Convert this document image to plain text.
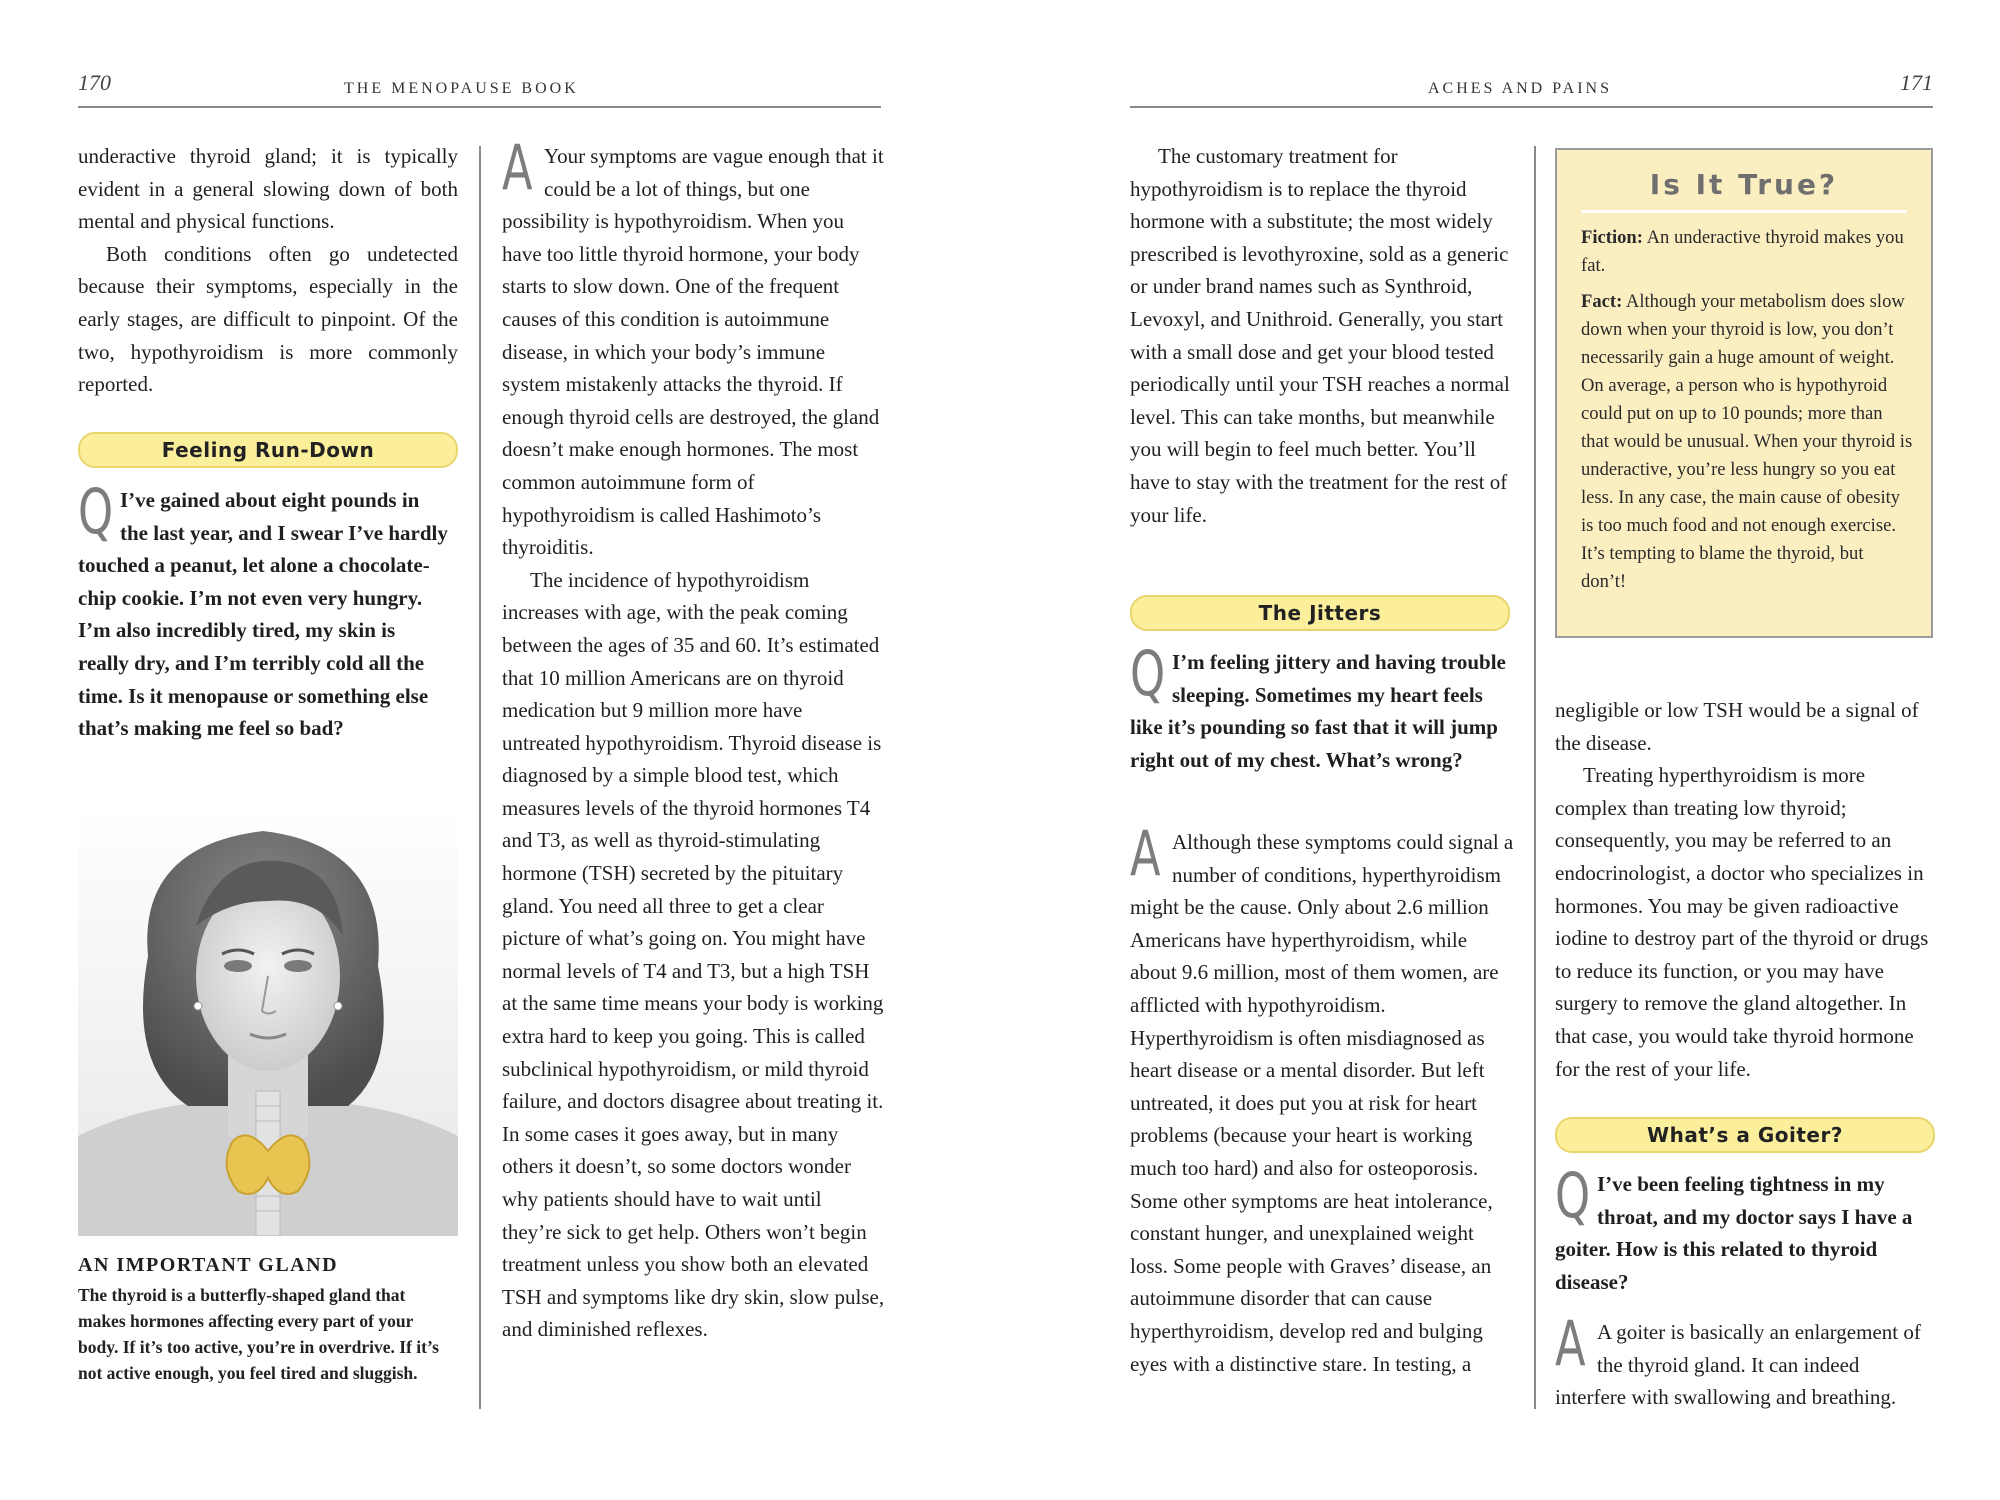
170	THE MENOPAUSE BOOK

underactive thyroid gland; it is typically evident in a general slowing down of both mental and physical functions.

Both conditions often go undetected because their symptoms, especially in the early stages, are difficult to pinpoint. Of the two, hypothyroidism is more commonly reported.

Feeling Run-Down
Q I’ve gained about eight pounds in the last year, and I swear I’ve hardly touched a peanut, let alone a chocolate-chip cookie. I’m not even very hungry. I’m also incredibly tired, my skin is really dry, and I’m terribly cold all the time. Is it menopause or something else that’s making me feel so bad?

AN IMPORTANT GLAND
The thyroid is a butterfly-shaped gland that makes hormones affecting every part of your body. If it’s too active, you’re in overdrive. If it’s not active enough, you feel tired and sluggish.
A Your symptoms are vague enough that it could be a lot of things, but one possibility is hypothyroidism. When you have too little thyroid hormone, your body starts to slow down. One of the frequent causes of this condition is autoimmune disease, in which your body’s immune system mistakenly attacks the thyroid. If enough thyroid cells are destroyed, the gland doesn’t make enough hormones. The most common autoimmune form of hypothyroidism is called Hashimoto’s thyroiditis.

The incidence of hypothyroidism increases with age, with the peak coming between the ages of 35 and 60. It’s estimated that 10 million Americans are on thyroid medication but 9 million more have untreated hypothyroidism. Thyroid disease is diagnosed by a simple blood test, which measures levels of the thyroid hormones T4 and T3, as well as thyroid-stimulating hormone (TSH) secreted by the pituitary gland. You need all three to get a clear picture of what’s going on. You might have normal levels of T4 and T3, but a high TSH at the same time means your body is working extra hard to keep you going. This is called subclinical hypothyroidism, or mild thyroid failure, and doctors disagree about treating it. In some cases it goes away, but in many others it doesn’t, so some doctors wonder why patients should have to wait until they’re sick to get help. Others won’t begin treatment unless you show both an elevated TSH and symptoms like dry skin, slow pulse, and diminished reflexes.

ACHES AND PAINS	171

The customary treatment for hypothyroidism is to replace the thyroid hormone with a substitute; the most widely prescribed is levothyroxine, sold as a generic or under brand names such as Synthroid, Levoxyl, and Unithroid. Generally, you start with a small dose and get your blood tested periodically until your TSH reaches a normal level. This can take months, but meanwhile you will begin to feel much better. You’ll have to stay with the treatment for the rest of your life.

The Jitters
Q I’m feeling jittery and having trouble sleeping. Sometimes my heart feels like it’s pounding so fast that it will jump right out of my chest. What’s wrong?

A Although these symptoms could signal a number of conditions, hyperthyroidism might be the cause. Only about 2.6 million Americans have hyperthyroidism, while about 9.6 million, most of them women, are afflicted with hypothyroidism. Hyperthyroidism is often misdiagnosed as heart disease or a mental disorder. But left untreated, it does put you at risk for heart problems (because your heart is working much too hard) and also for osteoporosis. Some other symptoms are heat intolerance, constant hunger, and unexplained weight loss. Some people with Graves’ disease, an autoimmune disorder that can cause hyperthyroidism, develop red and bulging eyes with a distinctive stare. In testing, a

Is It True?

Fiction: An underactive thyroid makes you fat.

Fact: Although your metabolism does slow down when your thyroid is low, you don’t necessarily gain a huge amount of weight. On average, a person who is hypothyroid could put on up to 10 pounds; more than that would be unusual. When your thyroid is underactive, you’re less hungry so you eat less. In any case, the main cause of obesity is too much food and not enough exercise. It’s tempting to blame the thyroid, but don’t!

negligible or low TSH would be a signal of the disease.

Treating hyperthyroidism is more complex than treating low thyroid; consequently, you may be referred to an endocrinologist, a doctor who specializes in hormones. You may be given radioactive iodine to destroy part of the thyroid or drugs to reduce its function, or you may have surgery to remove the gland altogether. In that case, you would take thyroid hormone for the rest of your life.

What’s a Goiter?
Q I’ve been feeling tightness in my throat, and my doctor says I have a goiter. How is this related to thyroid disease?

A A goiter is basically an enlargement of the thyroid gland. It can indeed interfere with swallowing and breathing.
